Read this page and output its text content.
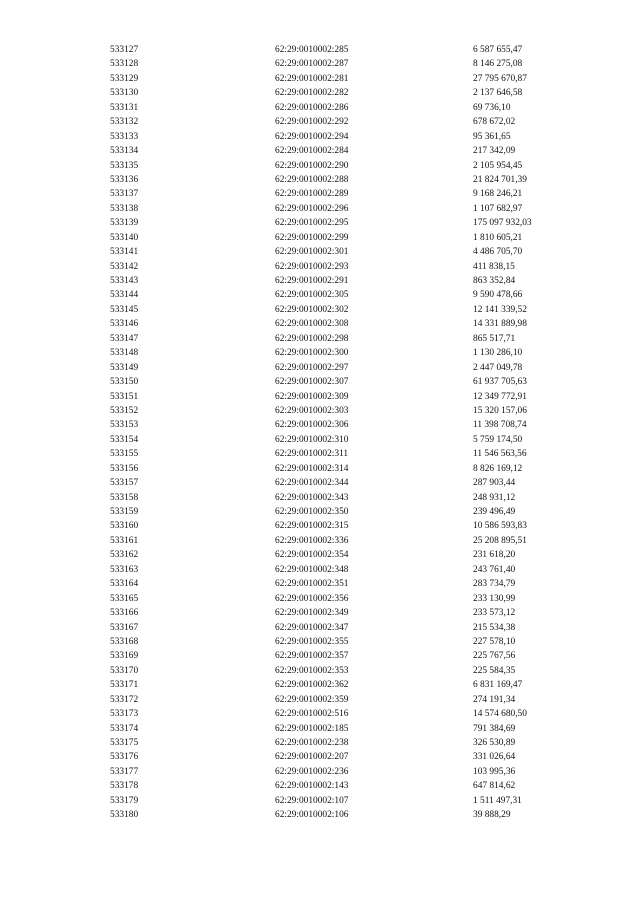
533127	62:29:0010002:285	6 587 655,47
533128	62:29:0010002:287	8 146 275,08
533129	62:29:0010002:281	27 795 670,87
533130	62:29:0010002:282	2 137 646,58
533131	62:29:0010002:286	69 736,10
533132	62:29:0010002:292	678 672,02
533133	62:29:0010002:294	95 361,65
533134	62:29:0010002:284	217 342,09
533135	62:29:0010002:290	2 105 954,45
533136	62:29:0010002:288	21 824 701,39
533137	62:29:0010002:289	9 168 246,21
533138	62:29:0010002:296	1 107 682,97
533139	62:29:0010002:295	175 097 932,03
533140	62:29:0010002:299	1 810 605,21
533141	62:29:0010002:301	4 486 705,70
533142	62:29:0010002:293	411 838,15
533143	62:29:0010002:291	863 352,84
533144	62:29:0010002:305	9 590 478,66
533145	62:29:0010002:302	12 141 339,52
533146	62:29:0010002:308	14 331 889,98
533147	62:29:0010002:298	865 517,71
533148	62:29:0010002:300	1 130 286,10
533149	62:29:0010002:297	2 447 049,78
533150	62:29:0010002:307	61 937 705,63
533151	62:29:0010002:309	12 349 772,91
533152	62:29:0010002:303	15 320 157,06
533153	62:29:0010002:306	11 398 708,74
533154	62:29:0010002:310	5 759 174,50
533155	62:29:0010002:311	11 546 563,56
533156	62:29:0010002:314	8 826 169,12
533157	62:29:0010002:344	287 903,44
533158	62:29:0010002:343	248 931,12
533159	62:29:0010002:350	239 496,49
533160	62:29:0010002:315	10 586 593,83
533161	62:29:0010002:336	25 208 895,51
533162	62:29:0010002:354	231 618,20
533163	62:29:0010002:348	243 761,40
533164	62:29:0010002:351	283 734,79
533165	62:29:0010002:356	233 130,99
533166	62:29:0010002:349	233 573,12
533167	62:29:0010002:347	215 534,38
533168	62:29:0010002:355	227 578,10
533169	62:29:0010002:357	225 767,56
533170	62:29:0010002:353	225 584,35
533171	62:29:0010002:362	6 831 169,47
533172	62:29:0010002:359	274 191,34
533173	62:29:0010002:516	14 574 680,50
533174	62:29:0010002:185	791 384,69
533175	62:29:0010002:238	326 530,89
533176	62:29:0010002:207	331 026,64
533177	62:29:0010002:236	103 995,36
533178	62:29:0010002:143	647 814,62
533179	62:29:0010002:107	1 511 497,31
533180	62:29:0010002:106	39 888,29
